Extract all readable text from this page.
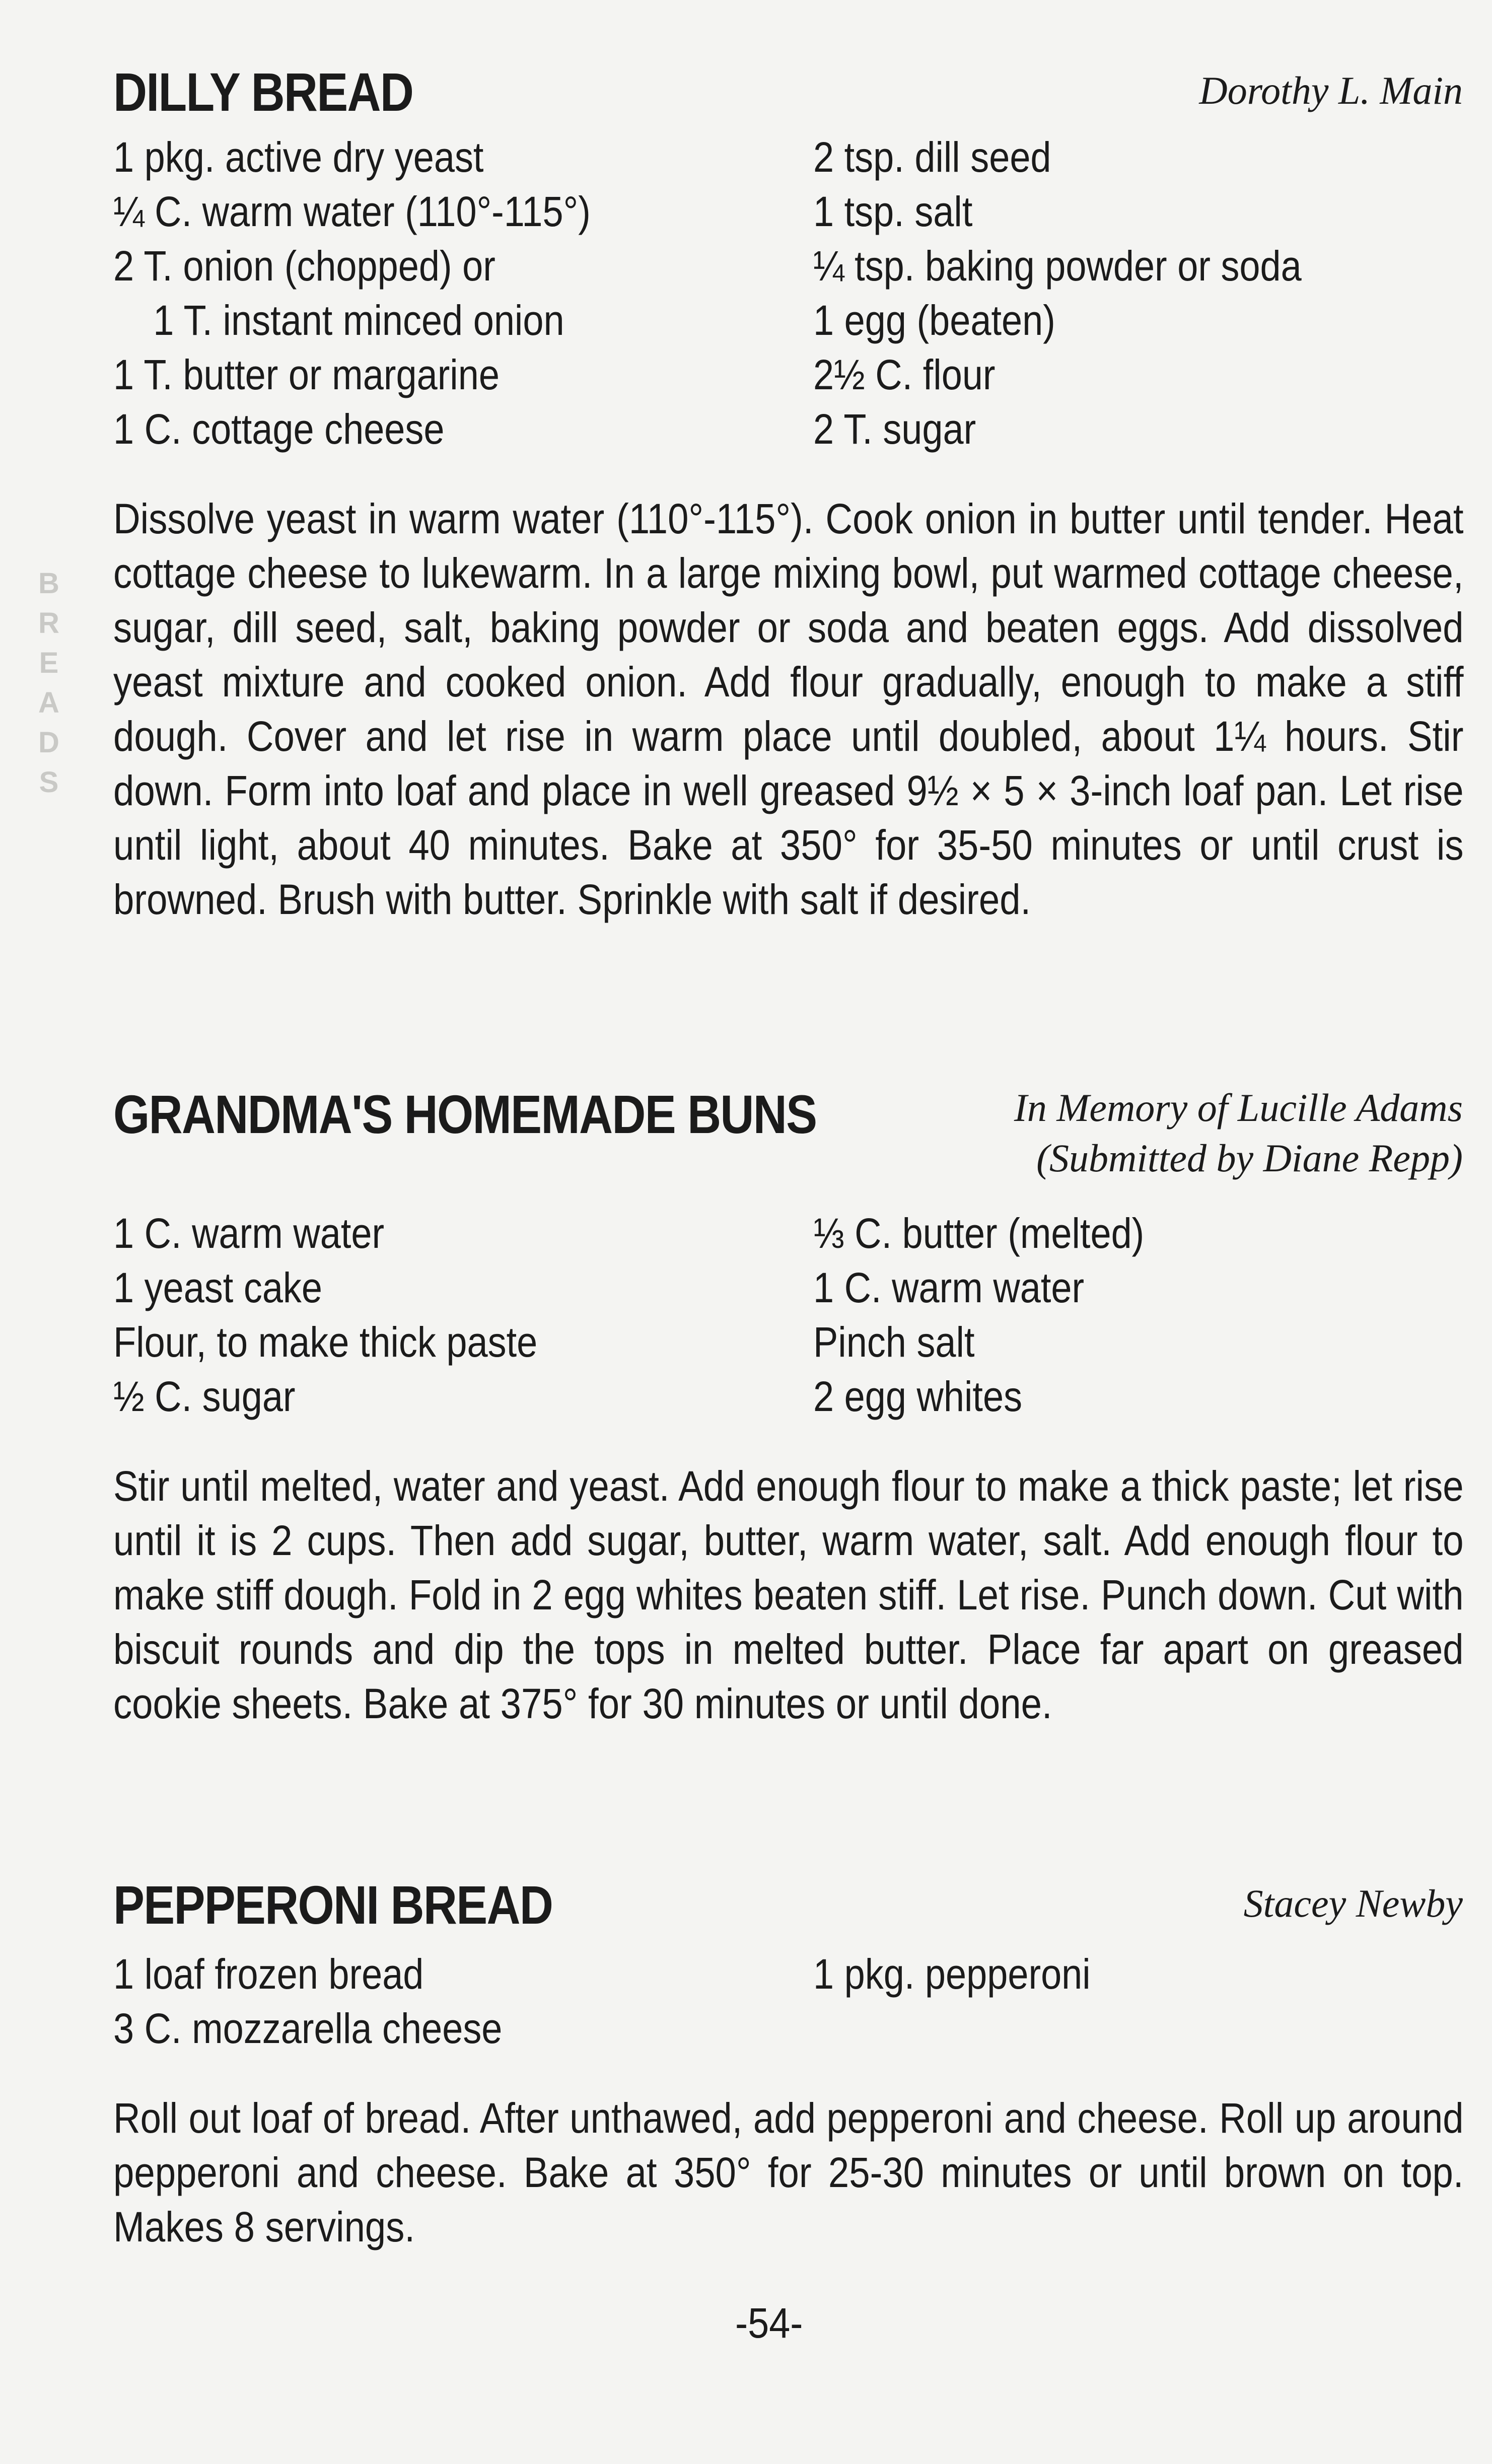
B
R
E
A
D
S
DILLY BREAD	Dorothy L. Main
1 pkg. active dry yeast
¼ C. warm water (110°-115°)
2 T. onion (chopped) or
1 T. instant minced onion
1 T. butter or margarine
1 C. cottage cheese
2 tsp. dill seed
1 tsp. salt
¼ tsp. baking powder or soda
1 egg (beaten)
2½ C. flour
2 T. sugar
Dissolve yeast in warm water (110°-115°). Cook onion in butter until tender. Heat cottage cheese to lukewarm. In a large mixing bowl, put warmed cottage cheese, sugar, dill seed, salt, baking powder or soda and beaten eggs. Add dissolved yeast mixture and cooked onion. Add flour gradually, enough to make a stiff dough. Cover and let rise in warm place until doubled, about 1¼ hours. Stir down. Form into loaf and place in well greased 9½ × 5 × 3-inch loaf pan. Let rise until light, about 40 minutes. Bake at 350° for 35-50 minutes or until crust is browned. Brush with butter. Sprinkle with salt if desired.
GRANDMA'S HOMEMADE BUNS	In Memory of Lucille Adams
(Submitted by Diane Repp)
1 C. warm water
1 yeast cake
Flour, to make thick paste
½ C. sugar
⅓ C. butter (melted)
1 C. warm water
Pinch salt
2 egg whites
Stir until melted, water and yeast. Add enough flour to make a thick paste; let rise until it is 2 cups. Then add sugar, butter, warm water, salt. Add enough flour to make stiff dough. Fold in 2 egg whites beaten stiff. Let rise. Punch down. Cut with biscuit rounds and dip the tops in melted butter. Place far apart on greased cookie sheets. Bake at 375° for 30 minutes or until done.
PEPPERONI BREAD	Stacey Newby
1 loaf frozen bread
3 C. mozzarella cheese
1 pkg. pepperoni
Roll out loaf of bread. After unthawed, add pepperoni and cheese. Roll up around pepperoni and cheese. Bake at 350° for 25-30 minutes or until brown on top. Makes 8 servings.
-54-
